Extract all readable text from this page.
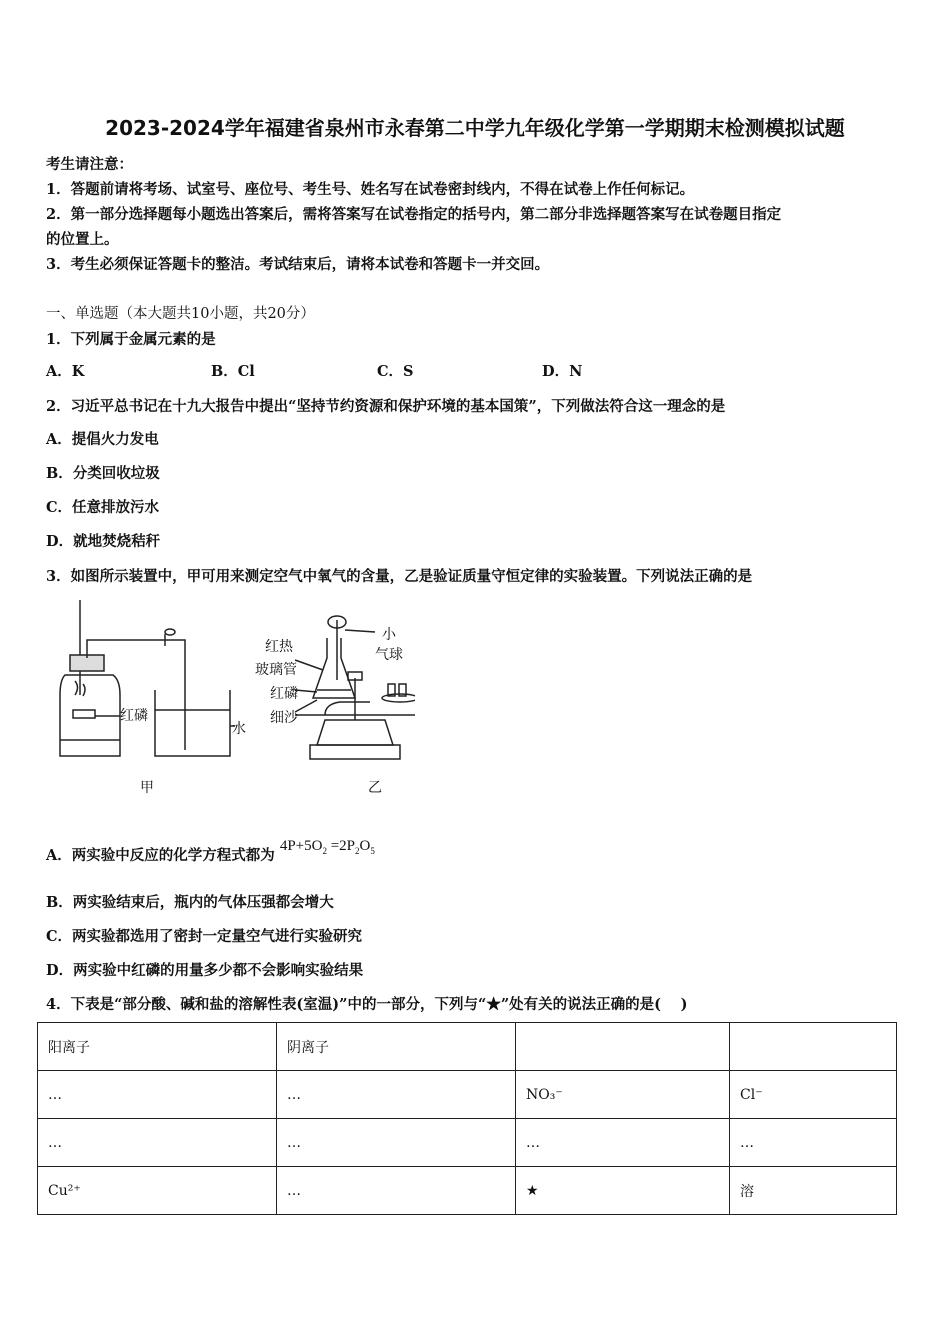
2023-2024学年福建省泉州市永春第二中学九年级化学第一学期期末检测模拟试题
考生请注意：
1．答题前请将考场、试室号、座位号、考生号、姓名写在试卷密封线内，不得在试卷上作任何标记。
2．第一部分选择题每小题选出答案后，需将答案写在试卷指定的括号内，第二部分非选择题答案写在试卷题目指定
的位置上。
3．考生必须保证答题卡的整洁。考试结束后，请将本试卷和答题卡一并交回。
一、单选题（本大题共10小题，共20分）
1．下列属于金属元素的是
A．K	B．Cl	C．S	D．N
2．习近平总书记在十九大报告中提出“坚持节约资源和保护环境的基本国策”，下列做法符合这一理念的是
A．提倡火力发电
B．分类回收垃圾
C．任意排放污水
D．就地焚烧秸秆
3．如图所示装置中，甲可用来测定空气中氧气的含量，乙是验证质量守恒定律的实验装置。下列说法正确的是
红磷
水
甲	乙
红热
玻璃管
红磷
细沙
小
气球
A．两实验中反应的化学方程式都为 $4P+5O_2 =2P_2O_5$
B．两实验结束后，瓶内的气体压强都会增大
C．两实验都选用了密封一定量空气进行实验研究
D．两实验中红磷的用量多少都不会影响实验结果
4．下表是“部分酸、碱和盐的溶解性表(室温)”中的一部分，下列与“★”处有关的说法正确的是(　 )
阳离子	阴离子		
…	…	NO₃⁻	Cl⁻
…	…	…	…
Cu²⁺	…	★	溶
